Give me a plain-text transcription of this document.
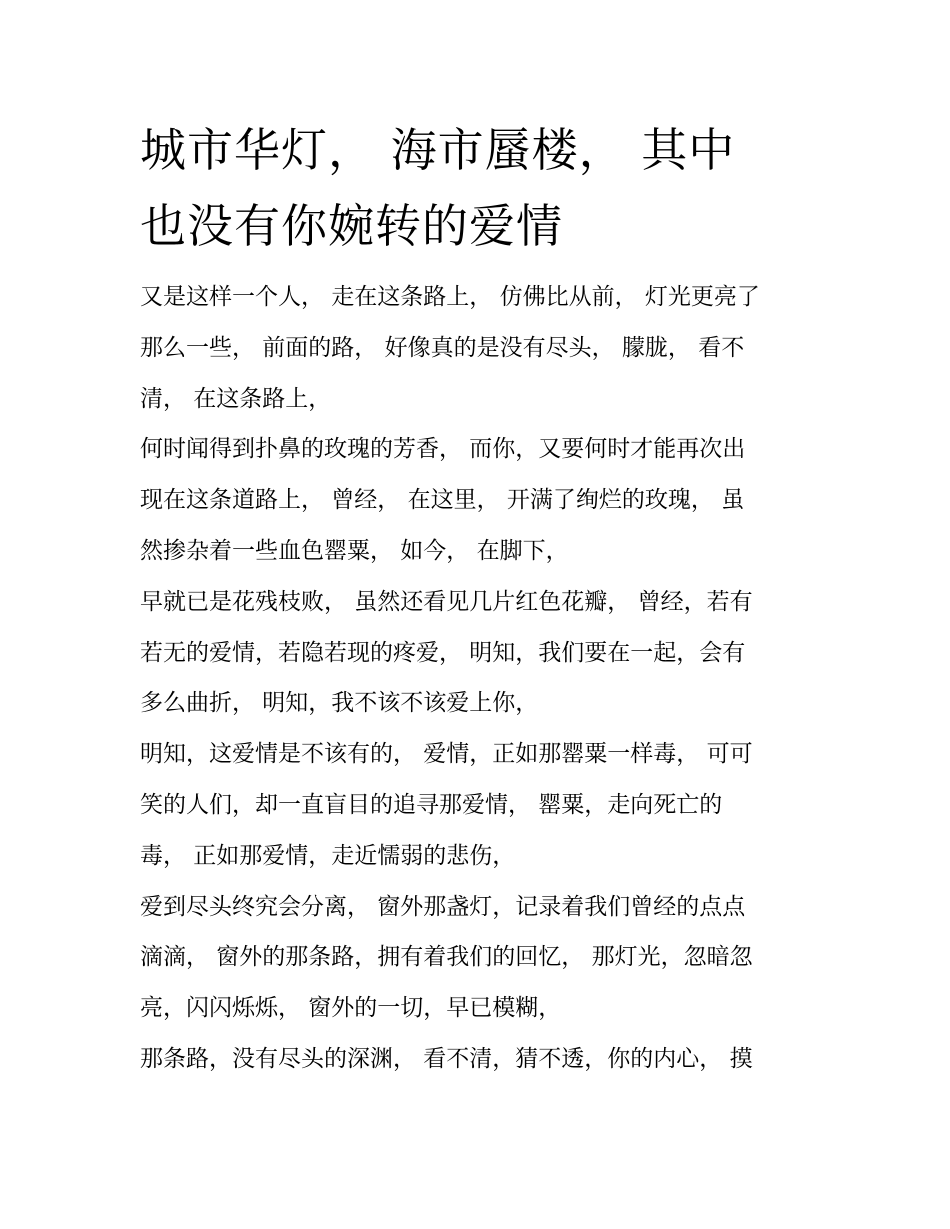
城市华灯， 海市蜃楼， 其中
也没有你婉转的爱情

又是这样一个人， 走在这条路上， 仿佛比从前， 灯光更亮了
那么一些， 前面的路， 好像真的是没有尽头， 朦胧， 看不
清， 在这条路上，

何时闻得到扑鼻的玫瑰的芳香， 而你，又要何时才能再次出
现在这条道路上， 曾经， 在这里， 开满了绚烂的玫瑰， 虽
然掺杂着一些血色罂粟， 如今， 在脚下，

早就已是花残枝败， 虽然还看见几片红色花瓣， 曾经，若有
若无的爱情，若隐若现的疼爱， 明知，我们要在一起，会有
多么曲折， 明知，我不该不该爱上你，

明知，这爱情是不该有的， 爱情，正如那罂粟一样毒， 可可
笑的人们，却一直盲目的追寻那爱情， 罂粟，走向死亡的
毒， 正如那爱情，走近懦弱的悲伤，

爱到尽头终究会分离， 窗外那盏灯，记录着我们曾经的点点
滴滴， 窗外的那条路，拥有着我们的回忆， 那灯光，忽暗忽
亮，闪闪烁烁， 窗外的一切，早已模糊，

那条路，没有尽头的深渊， 看不清，猜不透，你的内心， 摸
